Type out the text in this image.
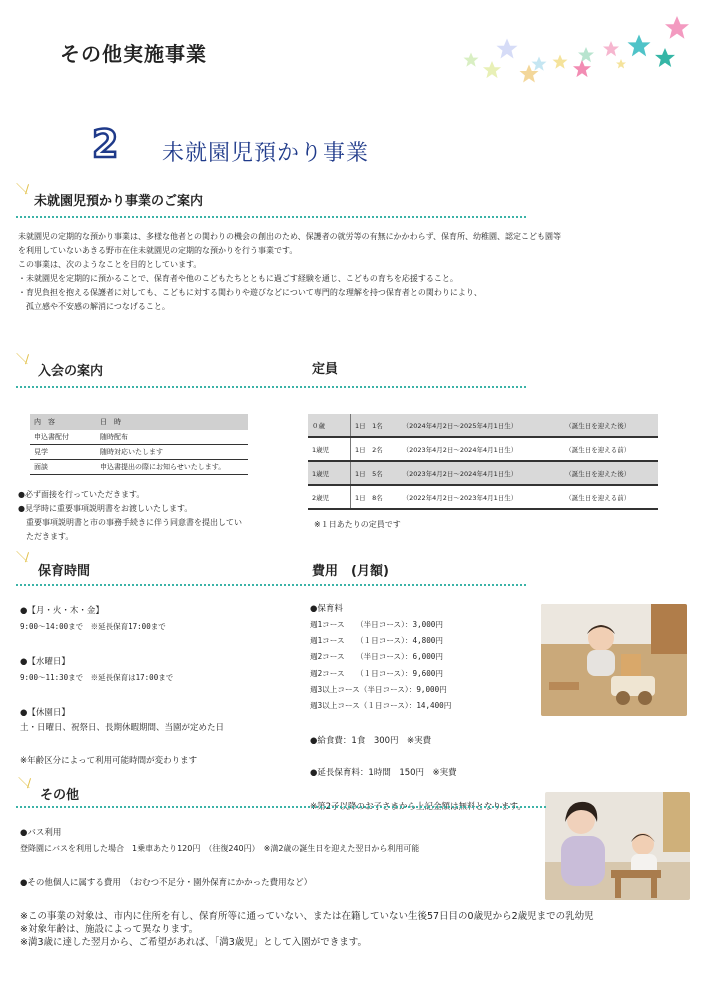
その他実施事業
2 未就園児預かり事業
＼∕
未就園児預かり事業のご案内
未就園児の定期的な預かり事業は、多様な他者との関わりの機会の創出のため、保護者の就労等の有無にかかわらず、保育所、幼稚園、認定こども園等
を利用していないあきる野市在住未就園児の定期的な預かりを行う事業です。
この事業は、次のようなことを目的としています。
・未就園児を定期的に預かることで、保育者や他のこどもたちとともに過ごす経験を通じ、こどもの育ちを応援すること。
・育児負担を抱える保護者に対しても、こどもに対する関わりや遊びなどについて専門的な理解を持つ保育者との関わりにより、
　孤立感や不安感の解消につなげること。
＼∕
入会の案内	定員
内　容	日　時
申込書配付	随時配布
見学	随時対応いたします
面談	申込書提出の際にお知らせいたします。
●必ず面接を行っていただきます。
●見学時に重要事項説明書をお渡しいたします。
　重要事項説明書と市の事務手続きに伴う同意書を提出してい
　ただきます。
０歳	1日　1名	（2024年4月2日～2025年4月1日生）	（誕生日を迎えた後）
1歳児	1日　2名	（2023年4月2日～2024年4月1日生）	（誕生日を迎える前）
1歳児	1日　5名	（2023年4月2日～2024年4月1日生）	（誕生日を迎えた後）
2歳児	1日　8名	（2022年4月2日～2023年4月1日生）	（誕生日を迎える前）
※１日あたりの定員です
＼∕
保育時間	費用　(月額)
●【月・火・木・金】
9:00～14:00まで　※延長保育17:00まで
●【水曜日】
9:00～11:30まで　※延長保育は17:00まで
●【休園日】
土・日曜日、祝祭日、長期休暇期間、当園が定めた日
※年齢区分によって利用可能時間が変わります
●保育料
週1コース　　（半日コース）：3,000円
週1コース　　（１日コース）：4,800円
週2コース　　（半日コース）：6,000円
週2コース　　（１日コース）：9,600円
週3以上コース（半日コース）：9,000円
週3以上コース（１日コース）：14,400円
●給食費：1食　300円　※実費
●延長保育料：1時間　150円　※実費
※第2子以降のお子さまから上記金額は無料となります。
＼∕
その他
●バス利用
登降園にバスを利用した場合　1乗車あたり120円　（往復240円）　※満2歳の誕生日を迎えた翌日から利用可能
●その他個人に属する費用　（おむつ不足分・園外保育にかかった費用など）
※この事業の対象は、市内に住所を有し、保育所等に通っていない、または在籍していない生後57日目の0歳児から2歳児までの乳幼児
※対象年齢は、施設によって異なります。
※満3歳に達した翌月から、ご希望があれば、「満3歳児」として入園ができます。
